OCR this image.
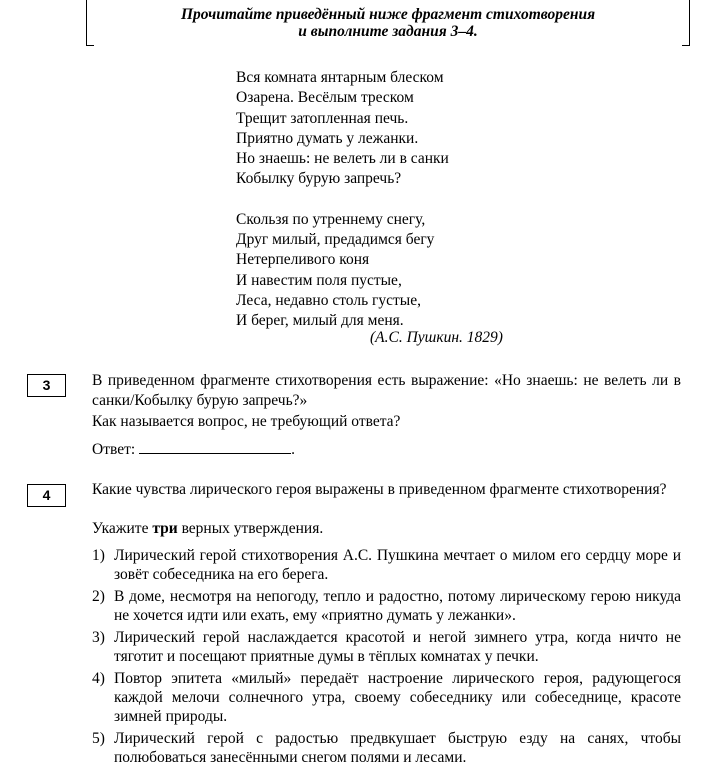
Прочитайте приведённый ниже фрагмент стихотворения
и выполните задания 3–4.
Вся комната янтарным блеском
Озарена. Весёлым треском
Трещит затопленная печь.
Приятно думать у лежанки.
Но знаешь: не велеть ли в санки
Кобылку бурую запречь?
Скользя по утреннему снегу,
Друг милый, предадимся бегу
Нетерпеливого коня
И навестим поля пустые,
Леса, недавно столь густые,
И берег, милый для меня.
(А.С. Пушкин. 1829)
3	В приведенном фрагменте стихотворения есть выражение: «Но знаешь: не велеть ли в санки/Кобылку бурую запречь?»
Как называется вопрос, не требующий ответа?
Ответ:	.
4	Какие чувства лирического героя выражены в приведенном фрагменте стихотворения?
Укажите три верных утверждения.
1) Лирический герой стихотворения А.С. Пушкина мечтает о милом его сердцу море и зовёт собеседника на его берега.
2) В доме, несмотря на непогоду, тепло и радостно, потому лирическому герою никуда не хочется идти или ехать, ему «приятно думать у лежанки».
3) Лирический герой наслаждается красотой и негой зимнего утра, когда ничто не тяготит и посещают приятные думы в тёплых комнатах у печки.
4) Повтор эпитета «милый» передаёт настроение лирического героя, радующегося каждой мелочи солнечного утра, своему собеседнику или собеседнице, красоте зимней природы.
5) Лирический герой с радостью предвкушает быструю езду на санях, чтобы полюбоваться занесёнными снегом полями и лесами.
